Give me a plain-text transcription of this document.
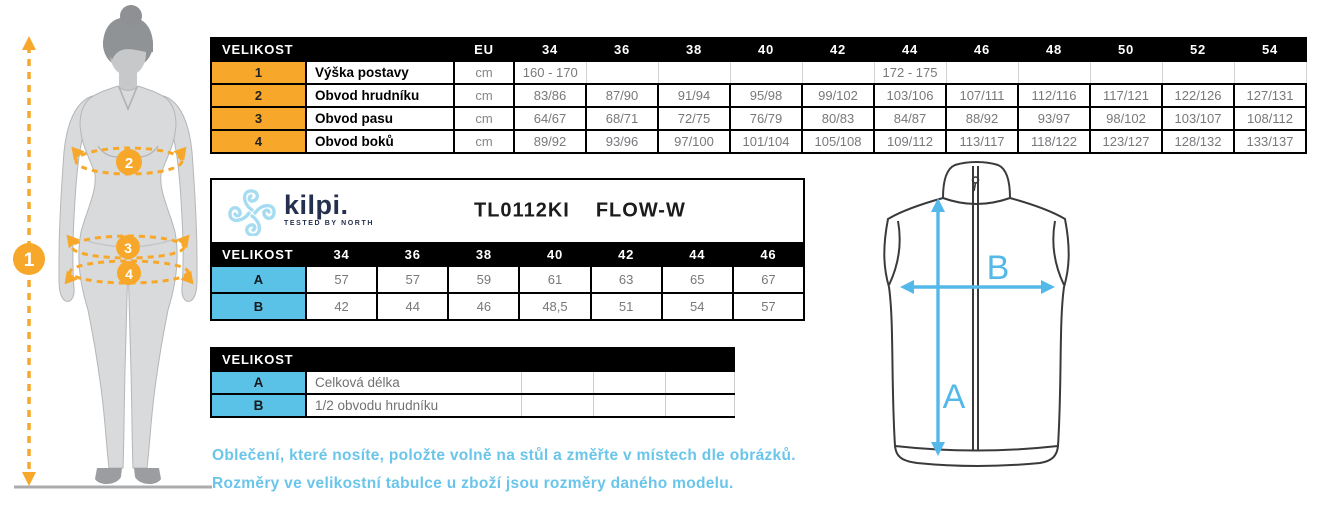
1
2
3
4
VELIKOST		EU	34	36	38	40	42	44	46	48	50	52	54
1	Výška postavy	cm	160 - 170					172 - 175					
2	Obvod hrudníku	cm	83/86	87/90	91/94	95/98	99/102	103/106	107/111	112/116	117/121	122/126	127/131
3	Obvod pasu	cm	64/67	68/71	72/75	76/79	80/83	84/87	88/92	93/97	98/102	103/107	108/112
4	Obvod boků	cm	89/92	93/96	97/100	101/104	105/108	109/112	113/117	118/122	123/127	128/132	133/137
kilpi.
TESTED BY NORTH
TL0112KI FLOW-W
VELIKOST	34	36	38	40	42	44	46
A	57	57	59	61	63	65	67
B	42	44	46	48,5	51	54	57
VELIKOST				
A	Celková délka			
B	1/2 obvodu hrudníku			

Oblečení, které nosíte, položte volně na stůl a změřte v místech dle obrázků.

Rozměry ve velikostní tabulce u zboží jsou rozměry daného modelu.

A
B
